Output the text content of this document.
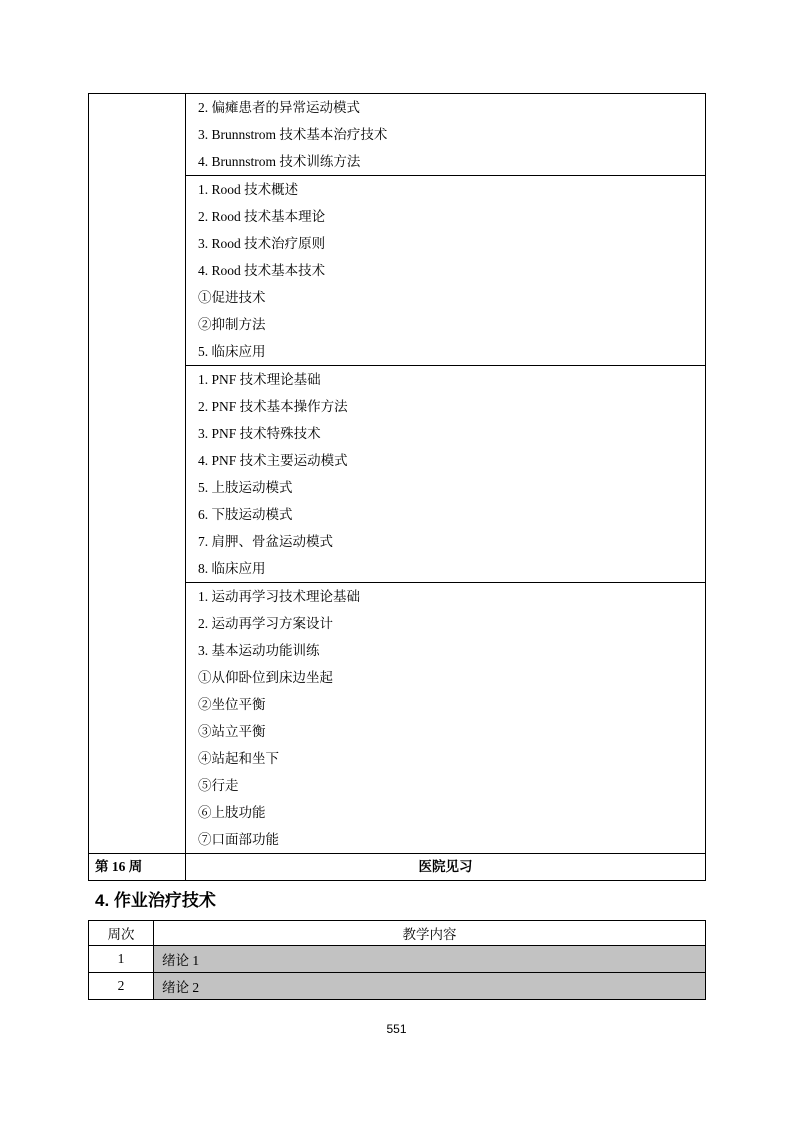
	2. 偏瘫患者的异常运动模式
3. Brunnstrom 技术基本治疗技术
4. Brunnstrom 技术训练方法

1. Rood 技术概述
2. Rood 技术基本理论
3. Rood 技术治疗原则
4. Rood 技术基本技术
①促进技术
②抑制方法
5. 临床应用

1. PNF 技术理论基础
2. PNF 技术基本操作方法
3. PNF 技术特殊技术
4. PNF 技术主要运动模式
5. 上肢运动模式
6. 下肢运动模式
7. 肩胛、骨盆运动模式
8. 临床应用

1. 运动再学习技术理论基础
2. 运动再学习方案设计
3. 基本运动功能训练
①从仰卧位到床边坐起
②坐位平衡
③站立平衡
④站起和坐下
⑤行走
⑥上肢功能
⑦口面部功能

第 16 周	医院见习
4. 作业治疗技术
周次	教学内容
1	绪论 1
2	绪论 2
551
